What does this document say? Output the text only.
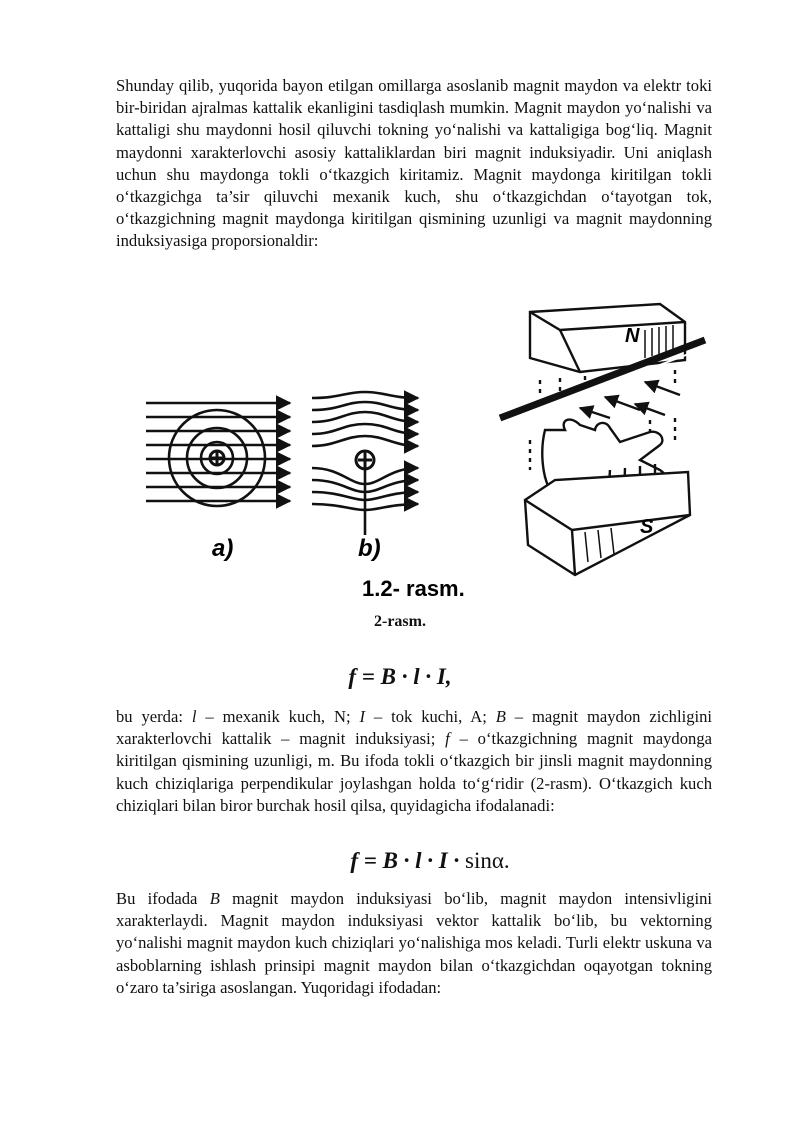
Shunday qilib, yuqorida bayon etilgan omillarga asoslanib magnit maydon va elektr toki bir-biridan ajralmas kattalik ekanligini tasdiqlash mumkin. Magnit maydon yo‘nalishi va kattaligi shu maydonni hosil qiluvchi tokning yo‘nalishi va kattaligiga bog‘liq. Magnit maydonni xarakterlovchi asosiy kattaliklardan biri magnit induksiyadir. Uni aniqlash uchun shu maydonga tokli o‘tkazgich kiritamiz. Magnit maydonga kiritilgan tokli o‘tkazgichga ta’sir qiluvchi mexanik kuch, shu o‘tkazgichdan o‘tayotgan tok, o‘tkazgichning magnit maydonga kiritilgan qismining uzunligi va magnit maydonning induksiyasiga proporsionaldir:

a)	b)
N
S
1.2- rasm.
2-rasm.
f = B · l · I,

bu yerda: l – mexanik kuch, N; I – tok kuchi, A; B – magnit maydon zichligini xarakterlovchi kattalik – magnit induksiyasi; f – o‘tkazgichning magnit maydonga kiritilgan qismining uzunligi, m. Bu ifoda tokli o‘tkazgich bir jinsli magnit maydonning kuch chiziqlariga perpendikular joylashgan holda to‘g‘ridir (2-rasm). O‘tkazgich kuch chiziqlari bilan biror burchak hosil qilsa, quyidagicha ifodalanadi:

f = B · l · I · sinα.

Bu ifodada B magnit maydon induksiyasi bo‘lib, magnit maydon intensivligini xarakterlaydi. Magnit maydon induksiyasi vektor kattalik bo‘lib, bu vektorning yo‘nalishi magnit maydon kuch chiziqlari yo‘nalishiga mos keladi. Turli elektr uskuna va asboblarning ishlash prinsipi magnit maydon bilan o‘tkazgichdan oqayotgan tokning o‘zaro ta’siriga asoslangan. Yuqoridagi ifodadan:
